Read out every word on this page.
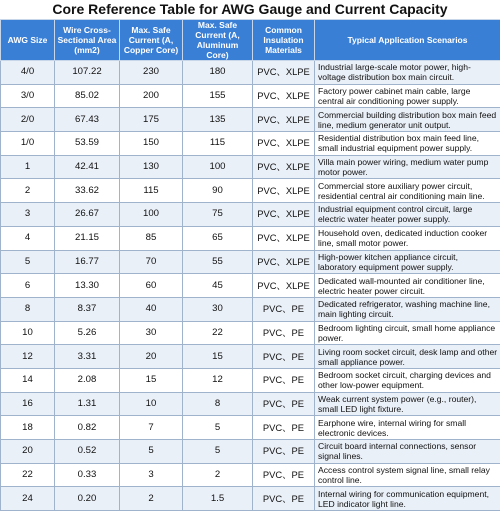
Core Reference Table for AWG Gauge and Current Capacity
AWG Size	Wire Cross-Sectional Area (mm2)	Max. Safe Current (A, Copper Core)	Max. Safe Current (A, Aluminum Core)	Common Insulation Materials	Typical Application Scenarios
4/0	107.22	230	180	PVC、XLPE	Industrial large-scale motor power, high-voltage distribution box main circuit.
3/0	85.02	200	155	PVC、XLPE	Factory power cabinet main cable, large central air conditioning power supply.
2/0	67.43	175	135	PVC、XLPE	Commercial building distribution box main feed line, medium generator unit output.
1/0	53.59	150	115	PVC、XLPE	Residential distribution box main feed line, small industrial equipment power supply.
1	42.41	130	100	PVC、XLPE	Villa main power wiring, medium water pump motor power.
2	33.62	115	90	PVC、XLPE	Commercial store auxiliary power circuit, residential central air conditioning main line.
3	26.67	100	75	PVC、XLPE	Industrial equipment control circuit, large electric water heater power supply.
4	21.15	85	65	PVC、XLPE	Household oven, dedicated induction cooker line, small motor power.
5	16.77	70	55	PVC、XLPE	High-power kitchen appliance circuit, laboratory equipment power supply.
6	13.30	60	45	PVC、XLPE	Dedicated wall-mounted air conditioner line, electric heater power circuit.
8	8.37	40	30	PVC、PE	Dedicated refrigerator, washing machine line, main lighting circuit.
10	5.26	30	22	PVC、PE	Bedroom lighting circuit, small home appliance power.
12	3.31	20	15	PVC、PE	Living room socket circuit, desk lamp and other small appliance power.
14	2.08	15	12	PVC、PE	Bedroom socket circuit, charging devices and other low-power equipment.
16	1.31	10	8	PVC、PE	Weak current system power (e.g., router), small LED light fixture.
18	0.82	7	5	PVC、PE	Earphone wire, internal wiring for small electronic devices.
20	0.52	5	5	PVC、PE	Circuit board internal connections, sensor signal lines.
22	0.33	3	2	PVC、PE	Access control system signal line, small relay control line.
24	0.20	2	1.5	PVC、PE	Internal wiring for communication equipment, LED indicator light line.
